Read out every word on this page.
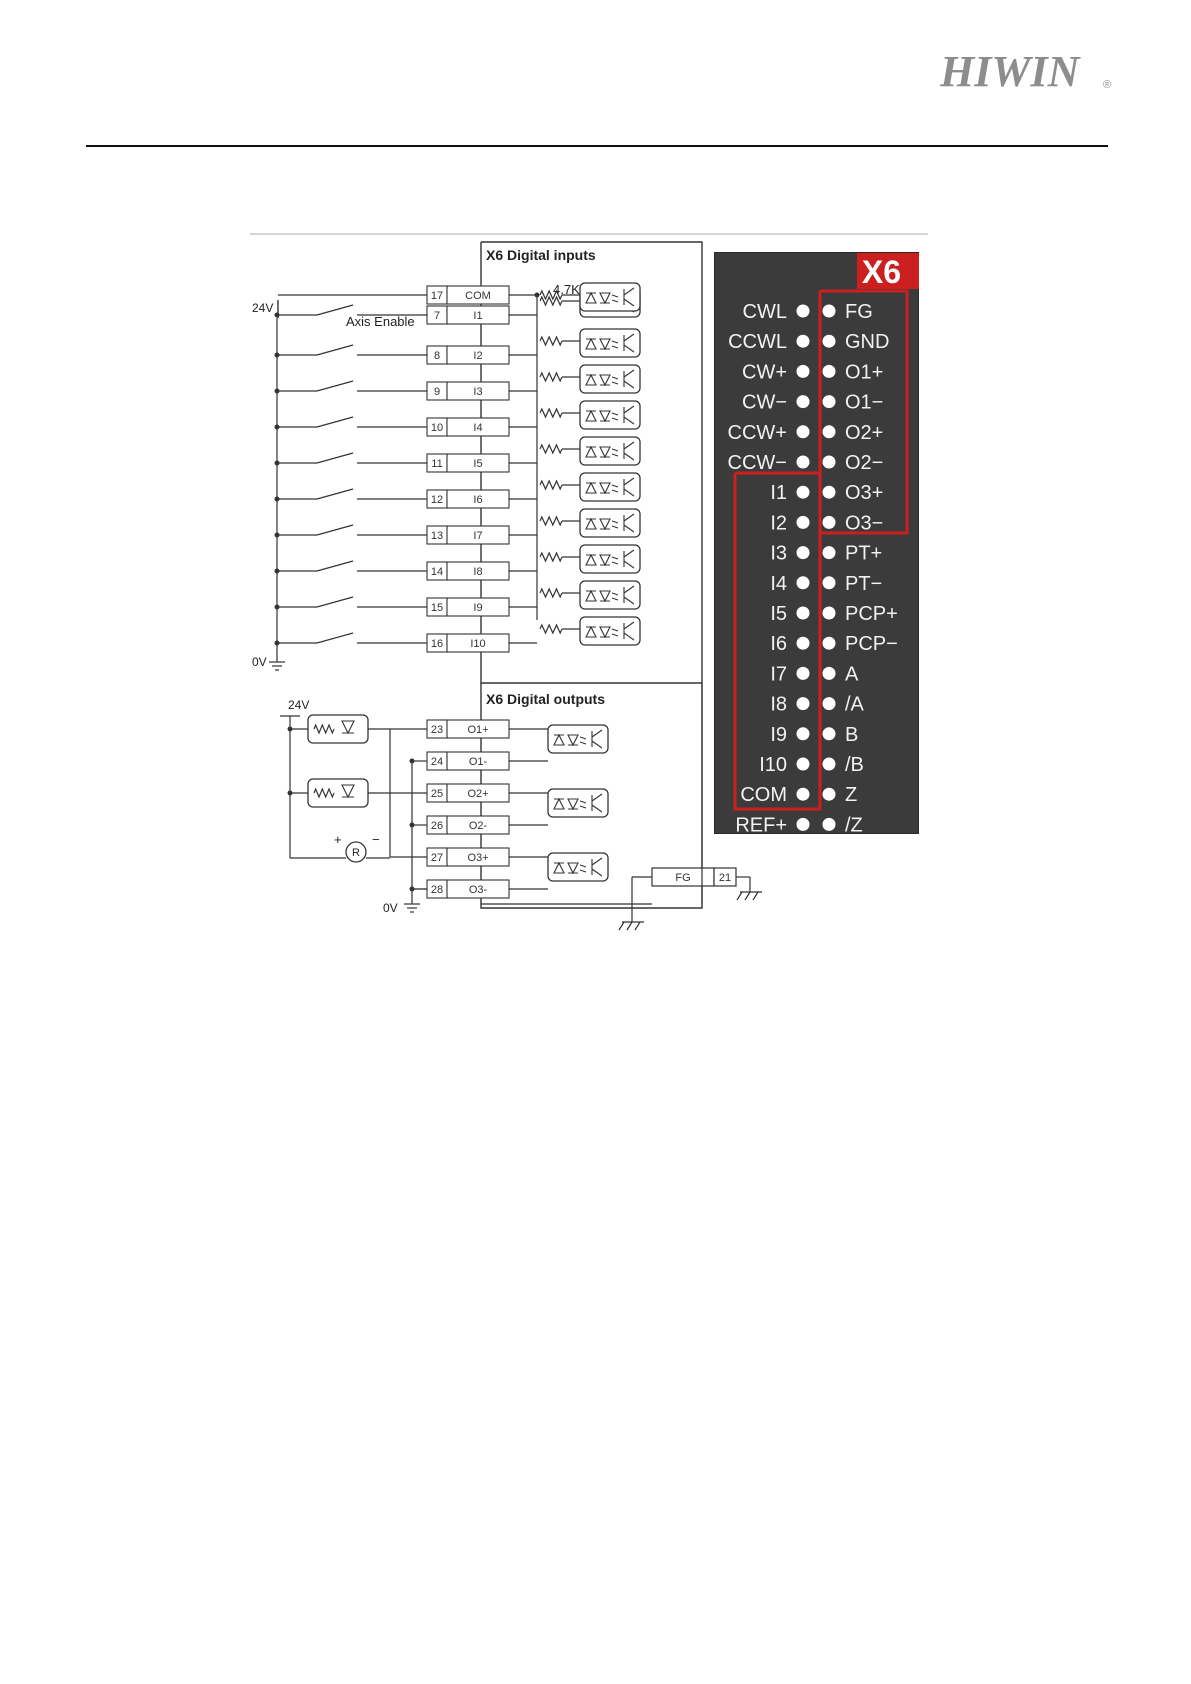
HIWIN ®
X6 Digital inputs
X6 Digital outputs
24V
0V
Axis Enable
4.7K
17 COM
7	I1
8	I2
9	I3
10	I4
11	I5
12	I6
13	I7
14	I8
15	I9
16 I10
24V
0V
23 O1+
24 O1-
25 O2+
26 O2-
27 O3+
28 O3-
R
+ −
FG	21
X6
CWL	FG
CCWL	GND
CW+	O1+
CW−	O1−
CCW+	O2+
CCW−	O2−
I1	O3+
I2	O3−
I3	PT+
I4	PT−
I5	PCP+
I6	PCP−
I7	A
I8	/A
I9	B
I10	/B
COM	Z
REF+	/Z
